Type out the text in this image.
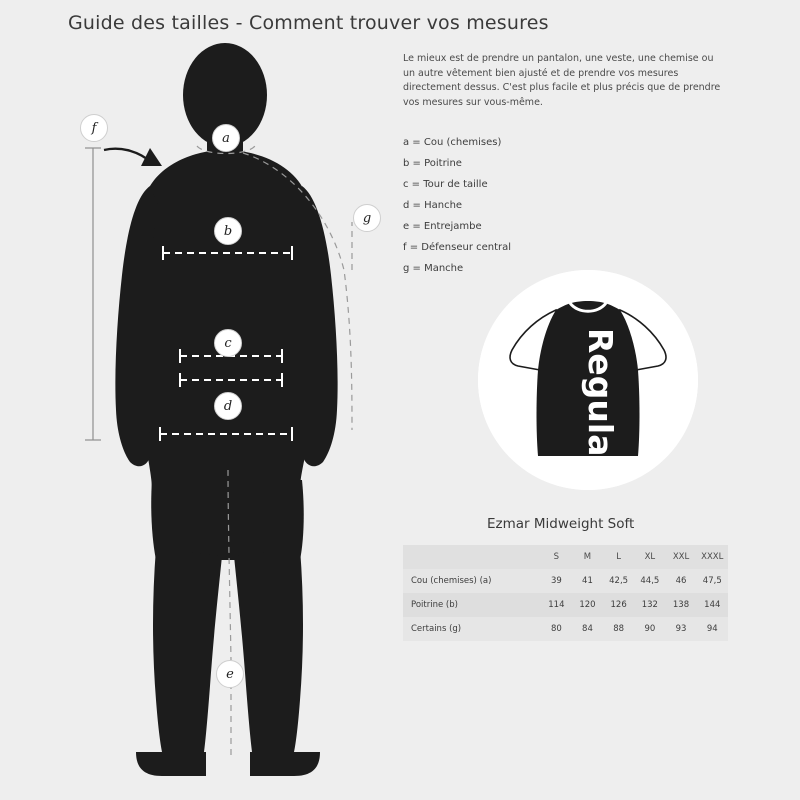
Guide des tailles - Comment trouver vos mesures
a
b
c
d
e
f
g
Le mieux est de prendre un pantalon, une veste, une chemise ou un autre vêtement bien ajusté et de prendre vos mesures directement dessus. C'est plus facile et plus précis que de prendre vos mesures sur vous-même.
a = Cou (chemises)
b = Poitrine
c = Tour de taille
d = Hanche
e = Entrejambe
f = Défenseur central
g = Manche
Regular
Ezmar Midweight Soft
	S	M	L	XL	XXL	XXXL
Cou (chemises) (a)	39	41	42,5	44,5	46	47,5
Poitrine (b)	114	120	126	132	138	144
Certains (g)	80	84	88	90	93	94
